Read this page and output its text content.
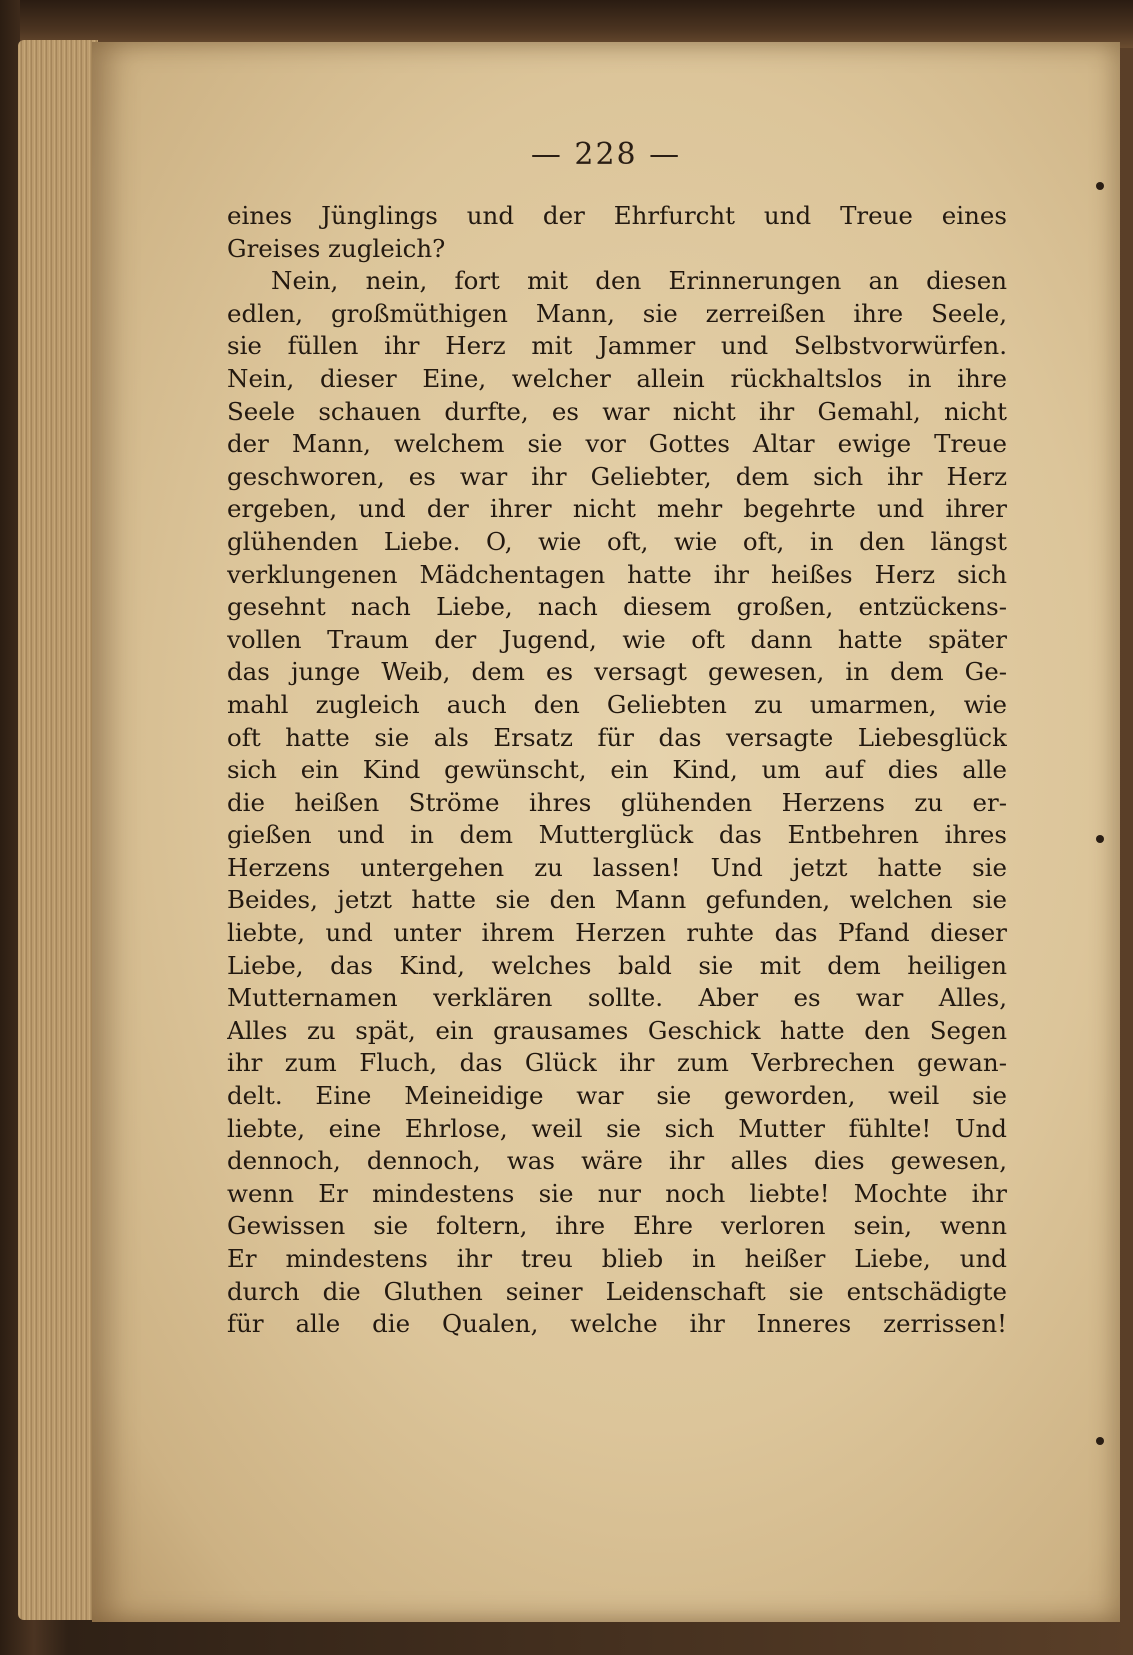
— 228 —
eines Jünglings und der Ehrfurcht und Treue eines
Greises zugleich?
Nein, nein, fort mit den Erinnerungen an diesen
edlen, großmüthigen Mann, sie zerreißen ihre Seele,
sie füllen ihr Herz mit Jammer und Selbstvorwürfen.
Nein, dieser Eine, welcher allein rückhaltslos in ihre
Seele schauen durfte, es war nicht ihr Gemahl, nicht
der Mann, welchem sie vor Gottes Altar ewige Treue
geschworen, es war ihr Geliebter, dem sich ihr Herz
ergeben, und der ihrer nicht mehr begehrte und ihrer
glühenden Liebe. O, wie oft, wie oft, in den längst
verklungenen Mädchentagen hatte ihr heißes Herz sich
gesehnt nach Liebe, nach diesem großen, entzückens-
vollen Traum der Jugend, wie oft dann hatte später
das junge Weib, dem es versagt gewesen, in dem Ge-
mahl zugleich auch den Geliebten zu umarmen, wie
oft hatte sie als Ersatz für das versagte Liebesglück
sich ein Kind gewünscht, ein Kind, um auf dies alle
die heißen Ströme ihres glühenden Herzens zu er-
gießen und in dem Mutterglück das Entbehren ihres
Herzens untergehen zu lassen! Und jetzt hatte sie
Beides, jetzt hatte sie den Mann gefunden, welchen sie
liebte, und unter ihrem Herzen ruhte das Pfand dieser
Liebe, das Kind, welches bald sie mit dem heiligen
Mutternamen verklären sollte. Aber es war Alles,
Alles zu spät, ein grausames Geschick hatte den Segen
ihr zum Fluch, das Glück ihr zum Verbrechen gewan-
delt. Eine Meineidige war sie geworden, weil sie
liebte, eine Ehrlose, weil sie sich Mutter fühlte! Und
dennoch, dennoch, was wäre ihr alles dies gewesen,
wenn Er mindestens sie nur noch liebte! Mochte ihr
Gewissen sie foltern, ihre Ehre verloren sein, wenn
Er mindestens ihr treu blieb in heißer Liebe, und
durch die Gluthen seiner Leidenschaft sie entschädigte
für alle die Qualen, welche ihr Inneres zerrissen!
